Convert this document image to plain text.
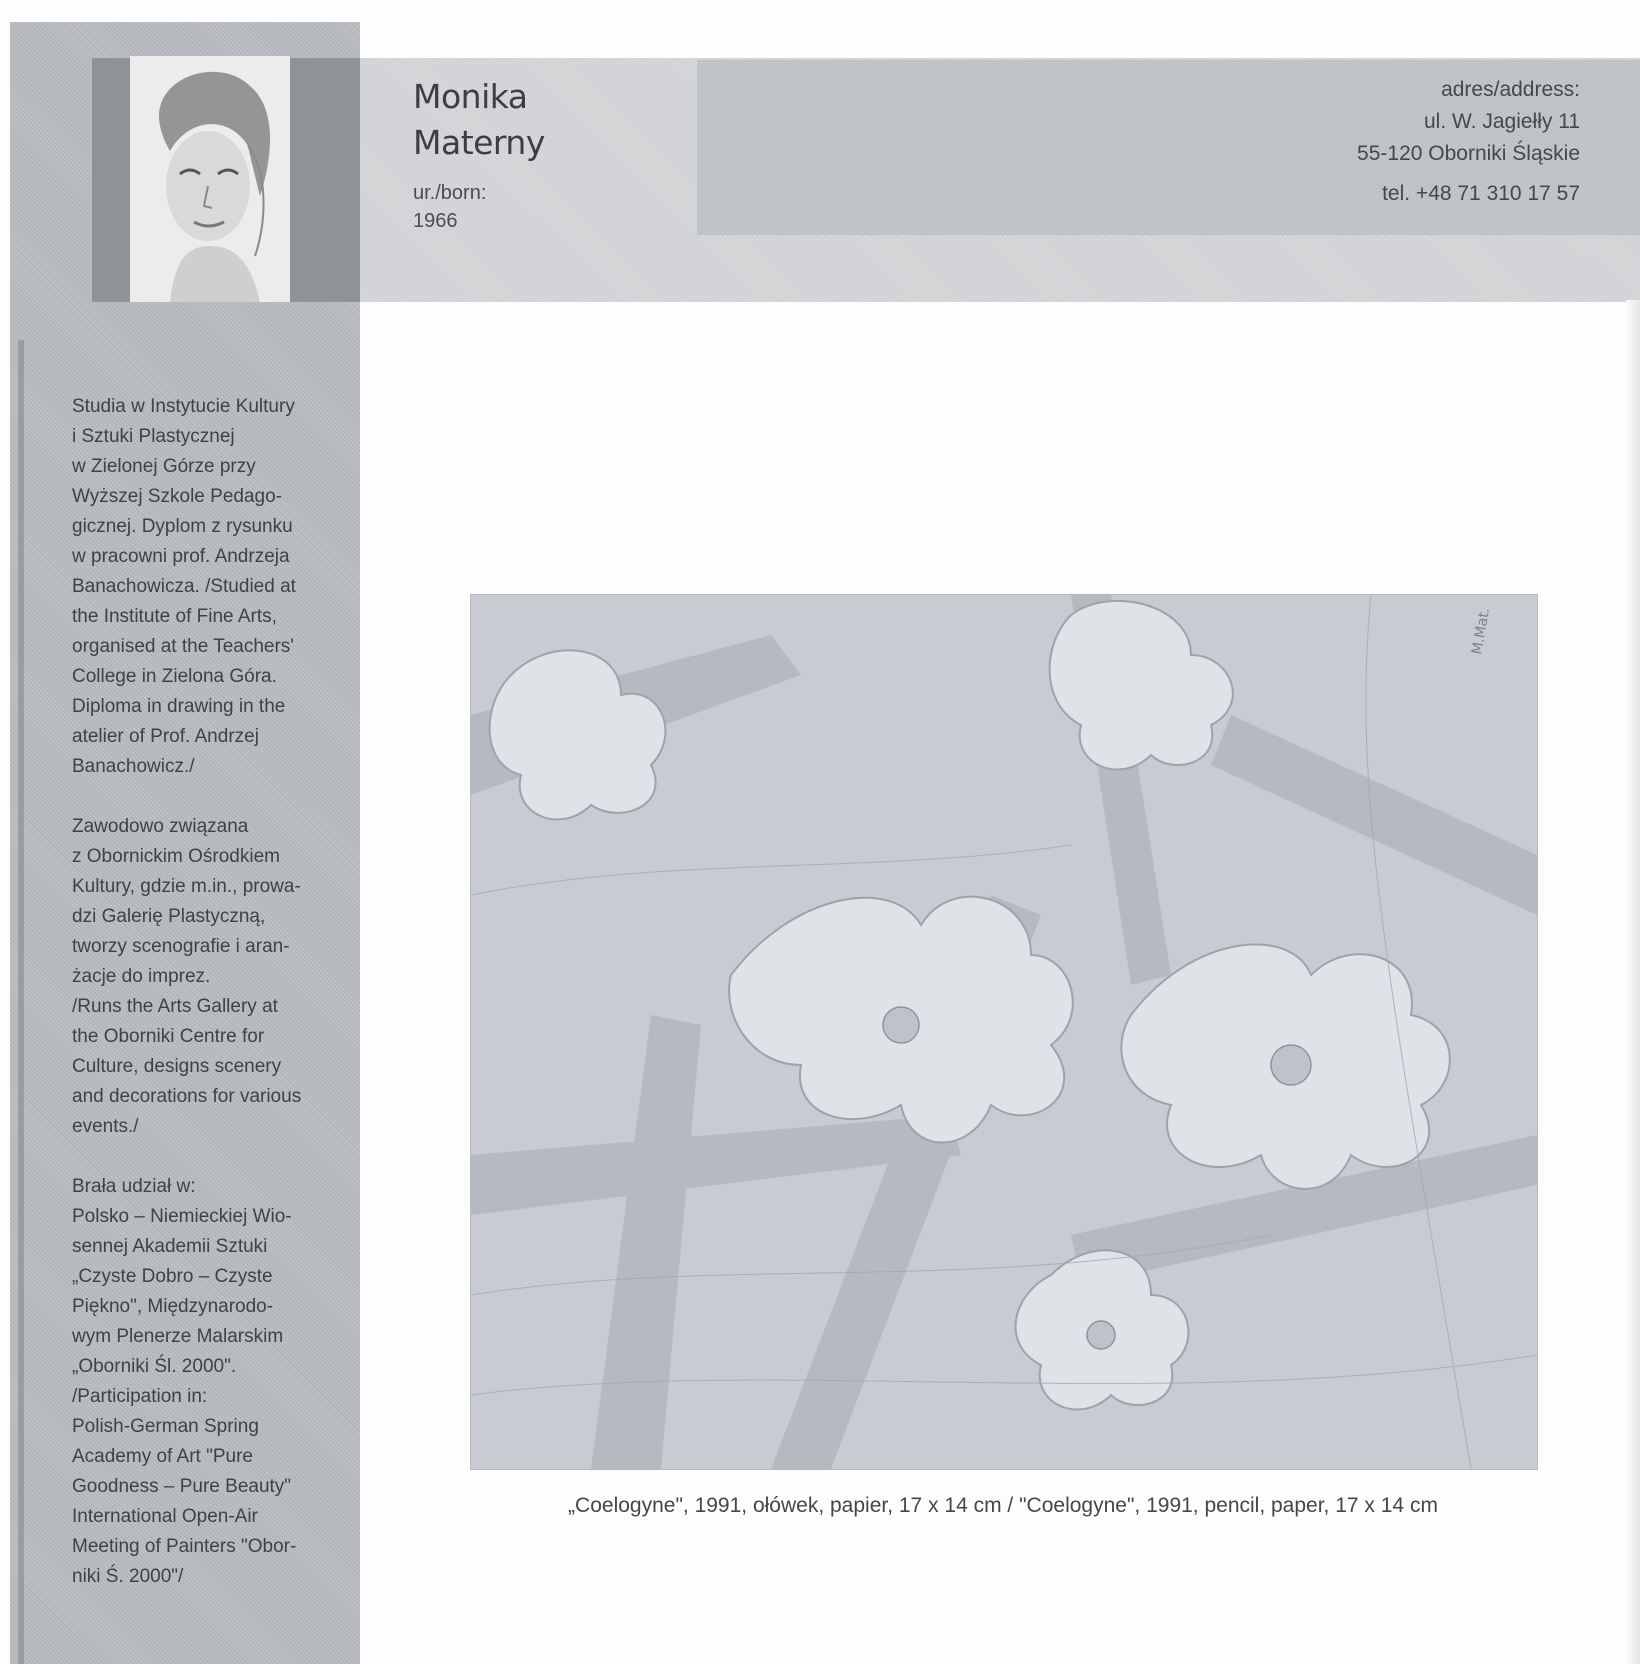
Monika
Materny
ur./born:
1966
adres/address:
ul. W. Jagiełły 11
55-120 Oborniki Śląskie
tel. +48 71 310 17 57

Studia w Instytucie Kultury
i Sztuki Plastycznej
w Zielonej Górze przy
Wyższej Szkole Pedago-
gicznej. Dyplom z rysunku
w pracowni prof. Andrzeja
Banachowicza. /Studied at
the Institute of Fine Arts,
organised at the Teachers'
College in Zielona Góra.
Diploma in drawing in the
atelier of Prof. Andrzej
Banachowicz./

Zawodowo związana
z Obornickim Ośrodkiem
Kultury, gdzie m.in., prowa-
dzi Galerię Plastyczną,
tworzy scenografie i aran-
żacje do imprez.
/Runs the Arts Gallery at
the Oborniki Centre for
Culture, designs scenery
and decorations for various
events./

Brała udział w:
Polsko – Niemieckiej Wio-
sennej Akademii Sztuki
„Czyste Dobro – Czyste
Piękno", Międzynarodo-
wym Plenerze Malarskim
„Oborniki Śl. 2000".
/Participation in:
Polish-German Spring
Academy of Art "Pure
Goodness – Pure Beauty"
International Open-Air
Meeting of Painters "Obor-
niki Ś. 2000"/

M.Mat.
„Coelogyne", 1991, ołówek, papier, 17 x 14 cm / "Coelogyne", 1991, pencil, paper, 17 x 14 cm
